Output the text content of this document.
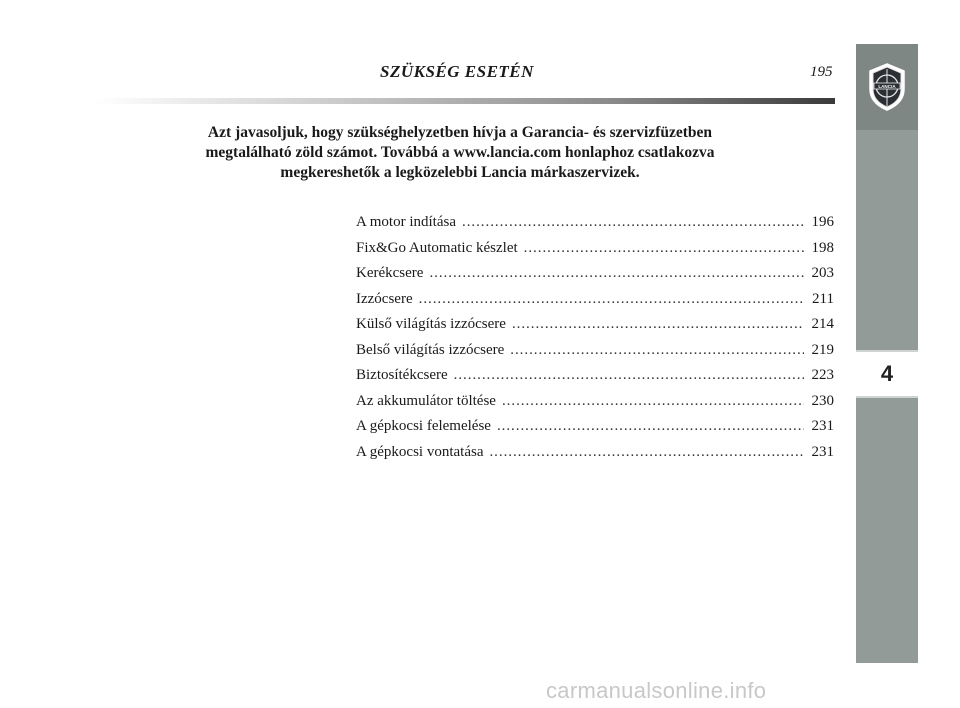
SZÜKSÉG ESETÉN	195
Azt javasoljuk, hogy szükséghelyzetben hívja a Garancia- és szervizfüzetben
megtalálható zöld számot. Továbbá a www.lancia.com honlaphoz csatlakozva
megkereshetők a legközelebbi Lancia márkaszervizek.
A motor indítása . . .	196
Fix&Go Automatic készlet . . .	198
Kerékcsere . . .	203
Izzócsere . . .	211
Külső világítás izzócsere . . .	214
Belső világítás izzócsere . . .	219
Biztosítékcsere . . .	223
Az akkumulátor töltése . . .	230
A gépkocsi felemelése . . .	231
A gépkocsi vontatása . . .	231
LANCIA
4
carmanualsonline.info
